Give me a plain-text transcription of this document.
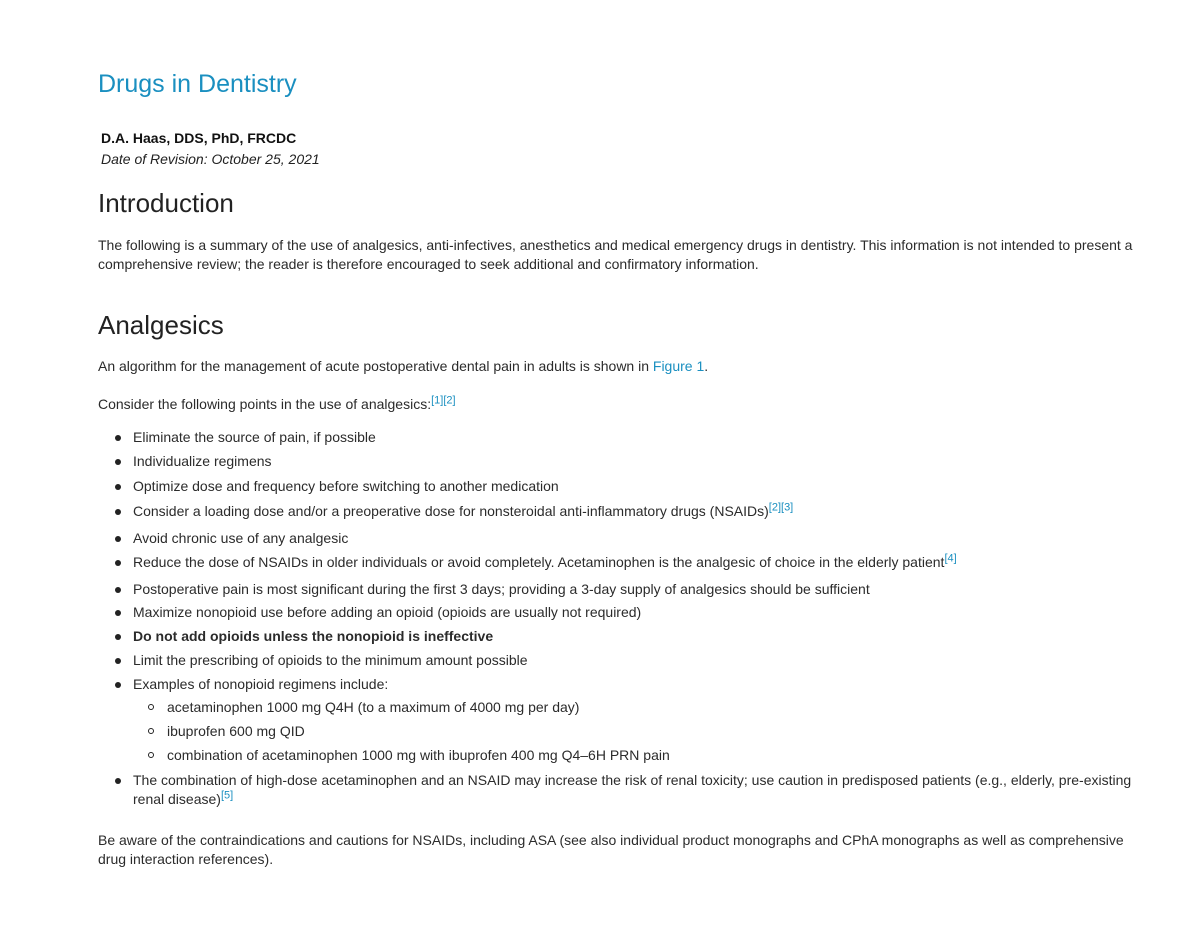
Drugs in Dentistry
D.A. Haas, DDS, PhD, FRCDC
Date of Revision: October 25, 2021
Introduction

The following is a summary of the use of analgesics, anti-infectives, anesthetics and medical emergency drugs in dentistry. This information is not intended to present a comprehensive review; the reader is therefore encouraged to seek additional and confirmatory information.

Analgesics

An algorithm for the management of acute postoperative dental pain in adults is shown in Figure 1.

Consider the following points in the use of analgesics:[1][2]

Eliminate the source of pain, if possible
Individualize regimens
Optimize dose and frequency before switching to another medication
Consider a loading dose and/or a preoperative dose for nonsteroidal anti-inflammatory drugs (NSAIDs)[2][3]
Avoid chronic use of any analgesic
Reduce the dose of NSAIDs in older individuals or avoid completely. Acetaminophen is the analgesic of choice in the elderly patient[4]
Postoperative pain is most significant during the first 3 days; providing a 3-day supply of analgesics should be sufficient
Maximize nonopioid use before adding an opioid (opioids are usually not required)
Do not add opioids unless the nonopioid is ineffective
Limit the prescribing of opioids to the minimum amount possible
Examples of nonopioid regimens include:
acetaminophen 1000 mg Q4H (to a maximum of 4000 mg per day)
ibuprofen 600 mg QID
combination of acetaminophen 1000 mg with ibuprofen 400 mg Q4–6H PRN pain
The combination of high-dose acetaminophen and an NSAID may increase the risk of renal toxicity; use caution in predisposed patients (e.g., elderly, pre-existing renal disease)[5]

Be aware of the contraindications and cautions for NSAIDs, including ASA (see also individual product monographs and CPhA monographs as well as comprehensive drug interaction references).
